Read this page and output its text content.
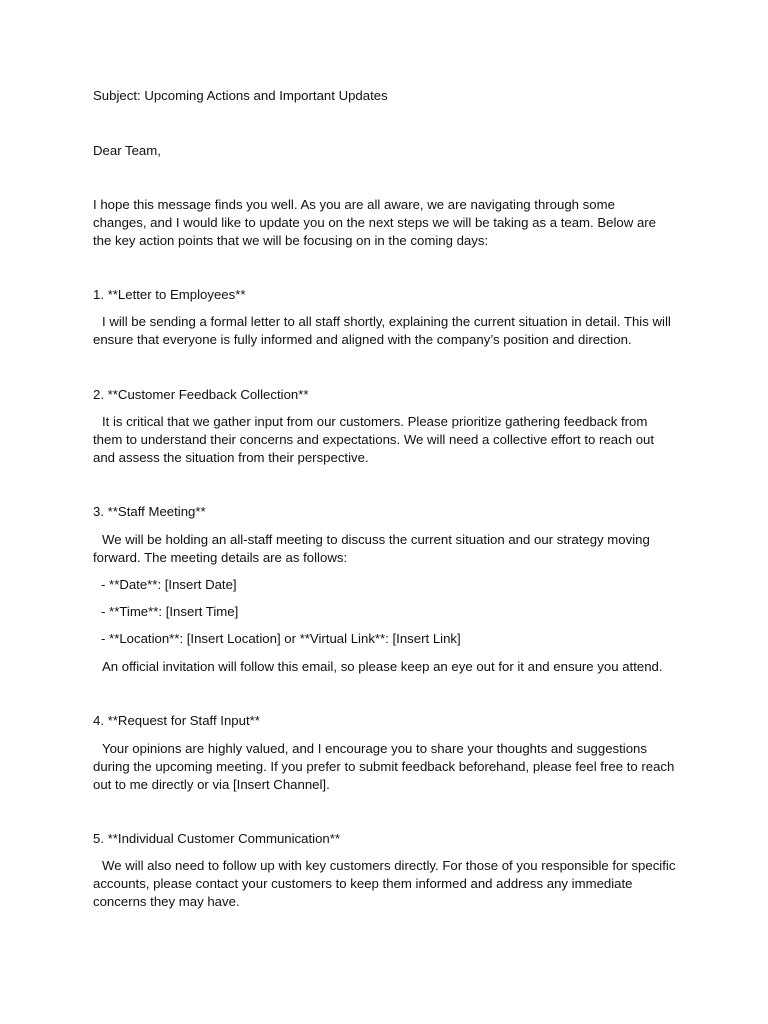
Subject: Upcoming Actions and Important Updates

Dear Team,

I hope this message finds you well. As you are all aware, we are navigating through some changes, and I would like to update you on the next steps we will be taking as a team. Below are the key action points that we will be focusing on in the coming days:

1. **Letter to Employees**

I will be sending a formal letter to all staff shortly, explaining the current situation in detail. This will ensure that everyone is fully informed and aligned with the company’s position and direction.

2. **Customer Feedback Collection**

It is critical that we gather input from our customers. Please prioritize gathering feedback from them to understand their concerns and expectations. We will need a collective effort to reach out and assess the situation from their perspective.

3. **Staff Meeting**

We will be holding an all-staff meeting to discuss the current situation and our strategy moving forward. The meeting details are as follows:

- **Date**: [Insert Date]

- **Time**: [Insert Time]

- **Location**: [Insert Location] or **Virtual Link**: [Insert Link]

An official invitation will follow this email, so please keep an eye out for it and ensure you attend.

4. **Request for Staff Input**

Your opinions are highly valued, and I encourage you to share your thoughts and suggestions during the upcoming meeting. If you prefer to submit feedback beforehand, please feel free to reach out to me directly or via [Insert Channel].

5. **Individual Customer Communication**

We will also need to follow up with key customers directly. For those of you responsible for specific accounts, please contact your customers to keep them informed and address any immediate concerns they may have.
